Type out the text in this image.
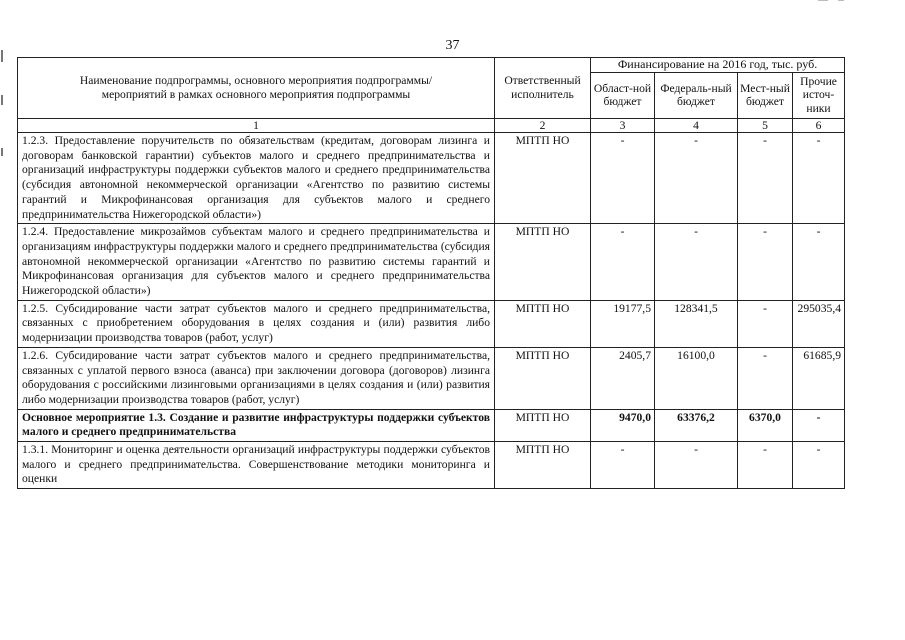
37
Наименование подпрограммы, основного мероприятия подпрограммы/мероприятий в рамках основного мероприятия подпрограммы	Ответственный исполнитель	Финансирование на 2016 год, тыс. руб.			
		Област-ной бюджет	Федераль-ный бюджет	Мест-ный бюджет	Прочие источ-ники
1	2	3	4	5	6
1.2.3. Предоставление поручительств по обязательствам (кредитам, договорам лизинга и договорам банковской гарантии) субъектов малого и среднего предпринимательства и организаций инфраструктуры поддержки субъектов малого и среднего предпринимательства (субсидия автономной некоммерческой организации «Агентство по развитию системы гарантий и Микрофинансовая организация для субъектов малого и среднего предпринимательства Нижегородской области»)	МПТП НО	-	-	-	-
1.2.4. Предоставление микрозаймов субъектам малого и среднего предпринимательства и организациям инфраструктуры поддержки малого и среднего предпринимательства (субсидия автономной некоммерческой организации «Агентство по развитию системы гарантий и Микрофинансовая организация для субъектов малого и среднего предпринимательства Нижегородской области»)	МПТП НО	-	-	-	-
1.2.5. Субсидирование части затрат субъектов малого и среднего предпринимательства, связанных с приобретением оборудования в целях создания и (или) развития либо модернизации производства товаров (работ, услуг)	МПТП НО	19177,5	128341,5	-	295035,4
1.2.6. Субсидирование части затрат субъектов малого и среднего предпринимательства, связанных с уплатой первого взноса (аванса) при заключении договора (договоров) лизинга оборудования с российскими лизинговыми организациями в целях создания и (или) развития либо модернизации производства товаров (работ, услуг)	МПТП НО	2405,7	16100,0	-	61685,9
Основное мероприятие 1.3. Создание и развитие инфраструктуры поддержки субъектов малого и среднего предпринимательства	МПТП НО	9470,0	63376,2	6370,0	-
1.3.1. Мониторинг и оценка деятельности организаций инфраструктуры поддержки субъектов малого и среднего предпринимательства. Совершенствование методики мониторинга и оценки	МПТП НО	-	-	-	-
